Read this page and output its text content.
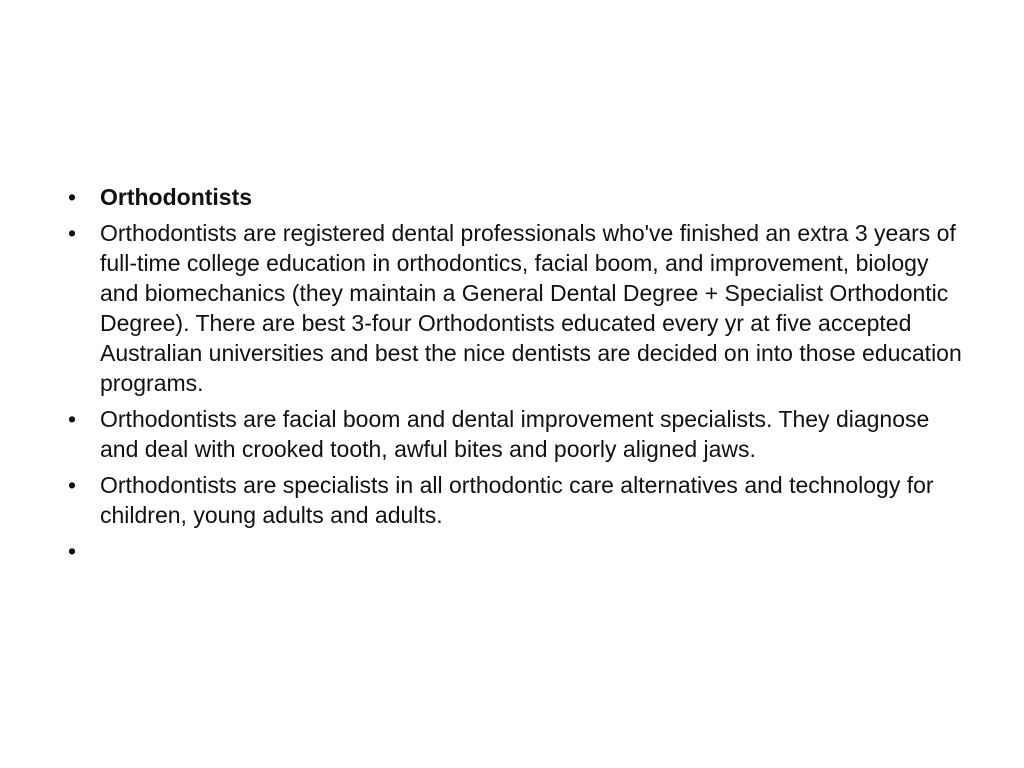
• Orthodontists
• Orthodontists are registered dental professionals who've finished an extra 3 years of full-time college education in orthodontics, facial boom, and improvement, biology and biomechanics (they maintain a General Dental Degree + Specialist Orthodontic Degree). There are best 3-four Orthodontists educated every yr at five accepted Australian universities and best the nice dentists are decided on into those education programs.
• Orthodontists are facial boom and dental improvement specialists. They diagnose and deal with crooked tooth, awful bites and poorly aligned jaws.
• Orthodontists are specialists in all orthodontic care alternatives and technology for children, young adults and adults.
•
